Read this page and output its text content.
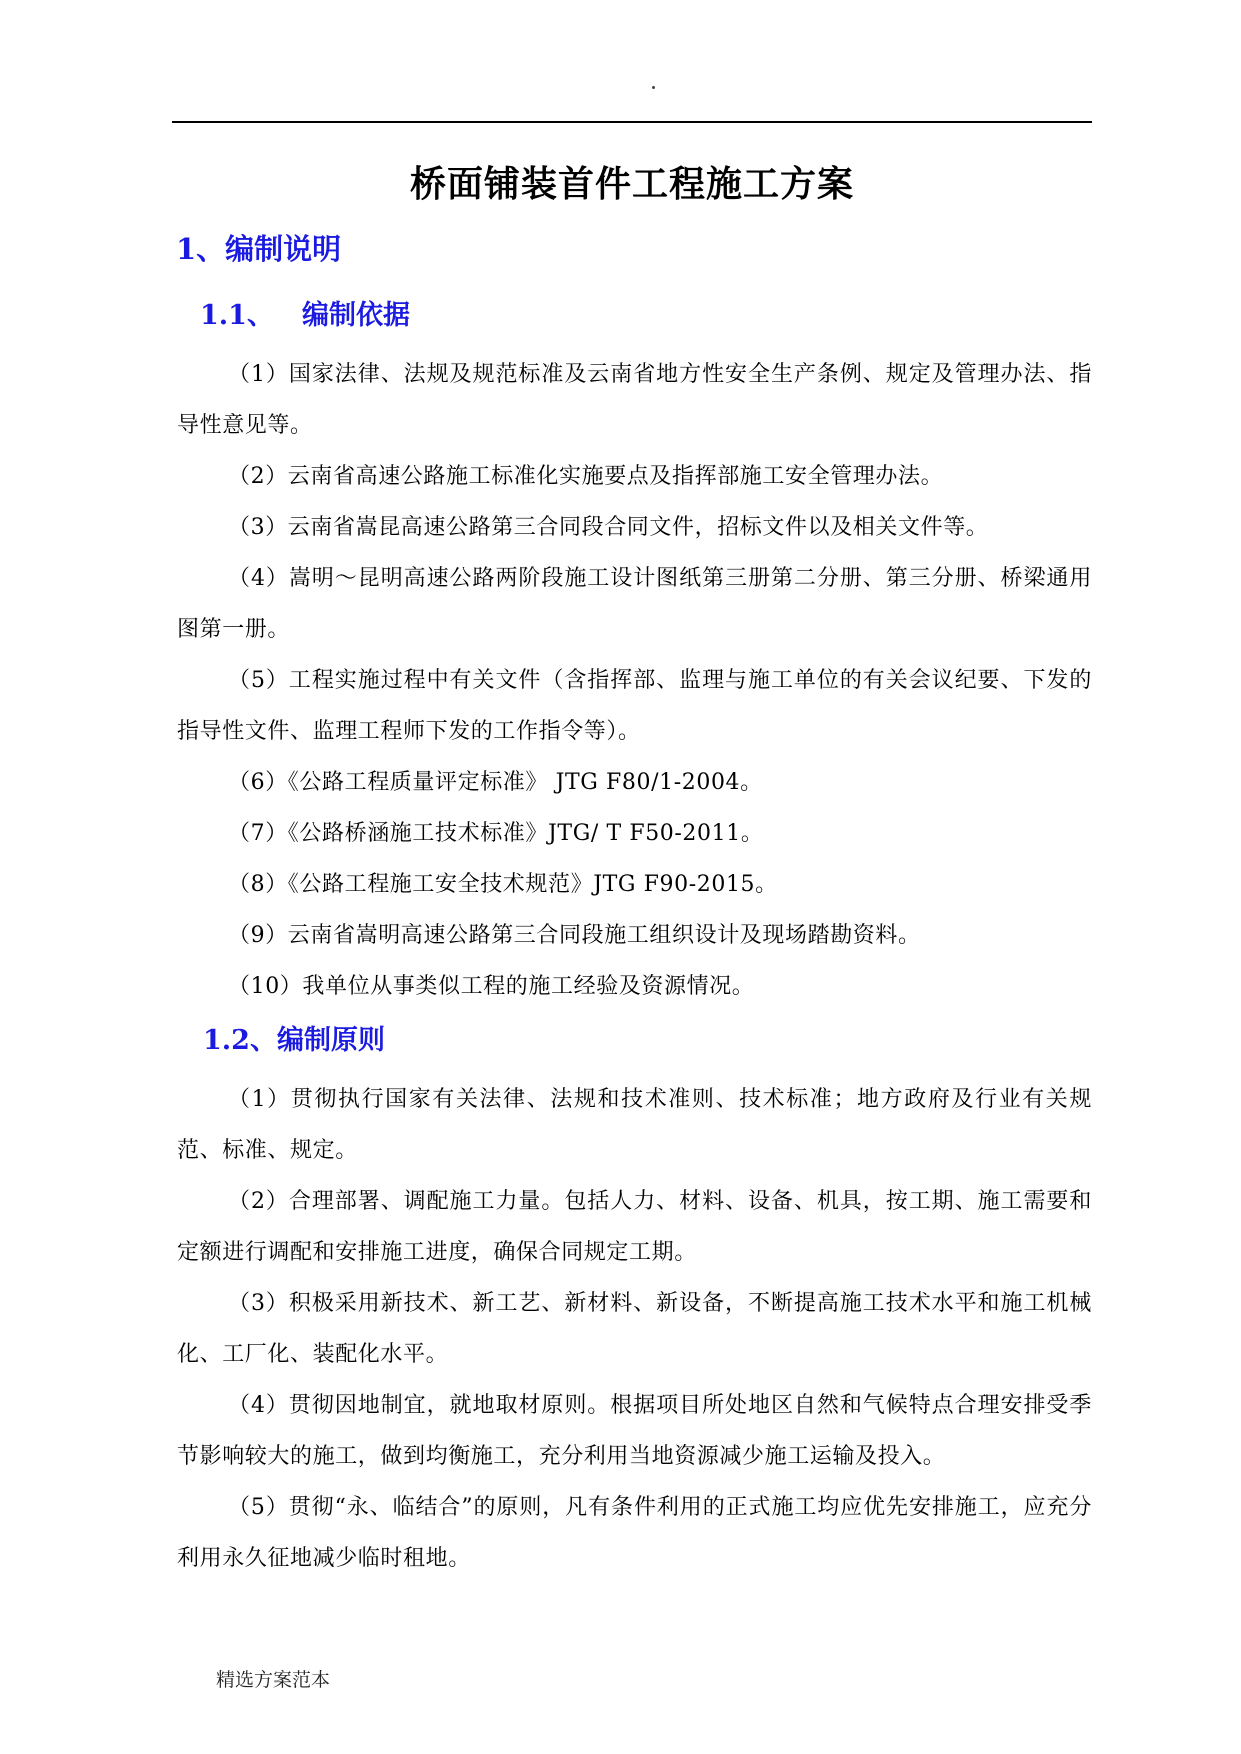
桥面铺装首件工程施工方案
1、编制说明
1.1、 编制依据
（1）国家法律、法规及规范标准及云南省地方性安全生产条例、规定及管理办法、指导性意见等。
（2）云南省高速公路施工标准化实施要点及指挥部施工安全管理办法。
（3）云南省嵩昆高速公路第三合同段合同文件，招标文件以及相关文件等。
（4）嵩明～昆明高速公路两阶段施工设计图纸第三册第二分册、第三分册、桥梁通用图第一册。
（5）工程实施过程中有关文件（含指挥部、监理与施工单位的有关会议纪要、下发的指导性文件、监理工程师下发的工作指令等）。
（6）《公路工程质量评定标准》 JTG F80/1-2004。
（7）《公路桥涵施工技术标准》JTG/ T F50-2011。
（8）《公路工程施工安全技术规范》JTG F90-2015。
（9）云南省嵩明高速公路第三合同段施工组织设计及现场踏勘资料。
（10）我单位从事类似工程的施工经验及资源情况。
1.2、编制原则
（1）贯彻执行国家有关法律、法规和技术准则、技术标准；地方政府及行业有关规范、标准、规定。
（2）合理部署、调配施工力量。包括人力、材料、设备、机具，按工期、施工需要和定额进行调配和安排施工进度，确保合同规定工期。
（3）积极采用新技术、新工艺、新材料、新设备，不断提高施工技术水平和施工机械化、工厂化、装配化水平。
（4）贯彻因地制宜，就地取材原则。根据项目所处地区自然和气候特点合理安排受季节影响较大的施工，做到均衡施工，充分利用当地资源减少施工运输及投入。
（5）贯彻“永、临结合”的原则，凡有条件利用的正式施工均应优先安排施工，应充分利用永久征地减少临时租地。
精选方案范本
